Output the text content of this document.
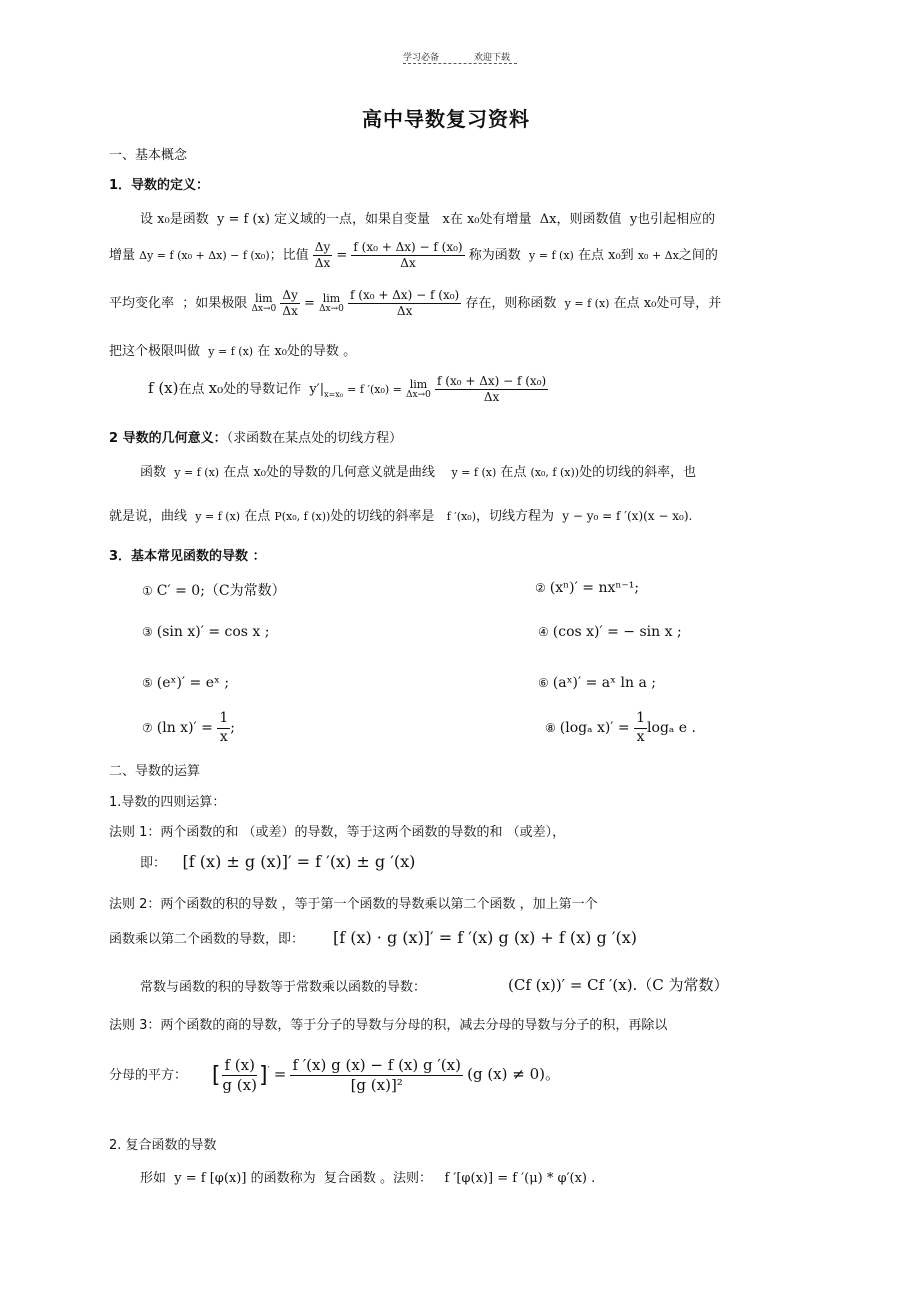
学习必备	欢迎下载
高中导数复习资料
一、基本概念
1．导数的定义：
设 x₀是函数 y = f (x) 定义域的一点，如果自变量 x在 x₀处有增量 Δx，则函数值 y也引起相应的
增量 Δy = f (x₀ + Δx) − f (x₀)；比值 $\frac{\Delta y}{\Delta x} = \frac{\text{f (x₀ + Δx) − f (x₀)}}{\Delta x}$ 称为函数 y = f (x) 在点 x₀到 x₀ + Δx之间的
平均变化率 ；如果极限 lim
Δx→0
$\frac{\Delta y}{\Delta x} = \lim$
Δx→0
$\frac{\text{f (x₀ + Δx) − f (x₀)}}{\Delta x}$ 存在，则称函数 y = f (x) 在点 x₀处可导，并
把这个极限叫做 y = f (x) 在 x₀处的导数 。
f (x)在点 x₀处的导数记作 $y'|_{x=x_0} = f$ ′(x₀) = lim
Δx→0
$\frac{\text{f (x₀ + Δx) − f (x₀)}}{\Delta x}$
2 导数的几何意义：（求函数在某点处的切线方程）
函数 y = f (x) 在点 x₀处的导数的几何意义就是曲线 y = f (x) 在点 (x₀, f (x))处的切线的斜率，也
就是说，曲线 y = f (x) 在点 P(x₀, f (x))处的切线的斜率是 f ′(x₀)，切线方程为 y − y₀ = f ′(x)(x − x₀).
3．基本常见函数的导数 ：
① C′ = 0;（C为常数）	② (xⁿ)′ = nxⁿ⁻¹;
③ (sin x)′ = cos x ;	④ (cos x)′ = − sin x ;
⑤ (eˣ)′ = eˣ ;	⑥ (aˣ)′ = aˣ ln a ;
⑦ (ln $x)' = \frac{1}{x}$ ;	⑧ (logₐ $x)' = \frac{1}{x}$ logₐ e .
二、导数的运算
1.导数的四则运算：
法则 1：两个函数的和 （或差）的导数，等于这两个函数的导数的和 （或差），
即： [f (x) ± g (x)]′ = f ′(x) ± g ′(x)
法则 2：两个函数的积的导数 ，等于第一个函数的导数乘以第二个函数 ，加上第一个
函数乘以第二个函数的导数，即： [f (x) · g (x)]′ = f ′(x) g (x) + f (x) g ′(x)
常数与函数的积的导数等于常数乘以函数的导数：	(Cf (x))′ = Cf ′(x).（C 为常数）
法则 3：两个函数的商的导数，等于分子的导数与分母的积，减去分母的导数与分子的积，再除以
分母的平方： [ $\frac{f (x)}{g (x)} ]' = \frac{f '(x) g (x) - f (x) g '(x)}{\text{[g (x)]²}} (g$ (x) ≠ 0)。
2. 复合函数的导数
形如 y = f [φ(x)] 的函数称为 复合函数 。法则： f ′[φ(x)] = f ′(μ) * φ′(x) .
